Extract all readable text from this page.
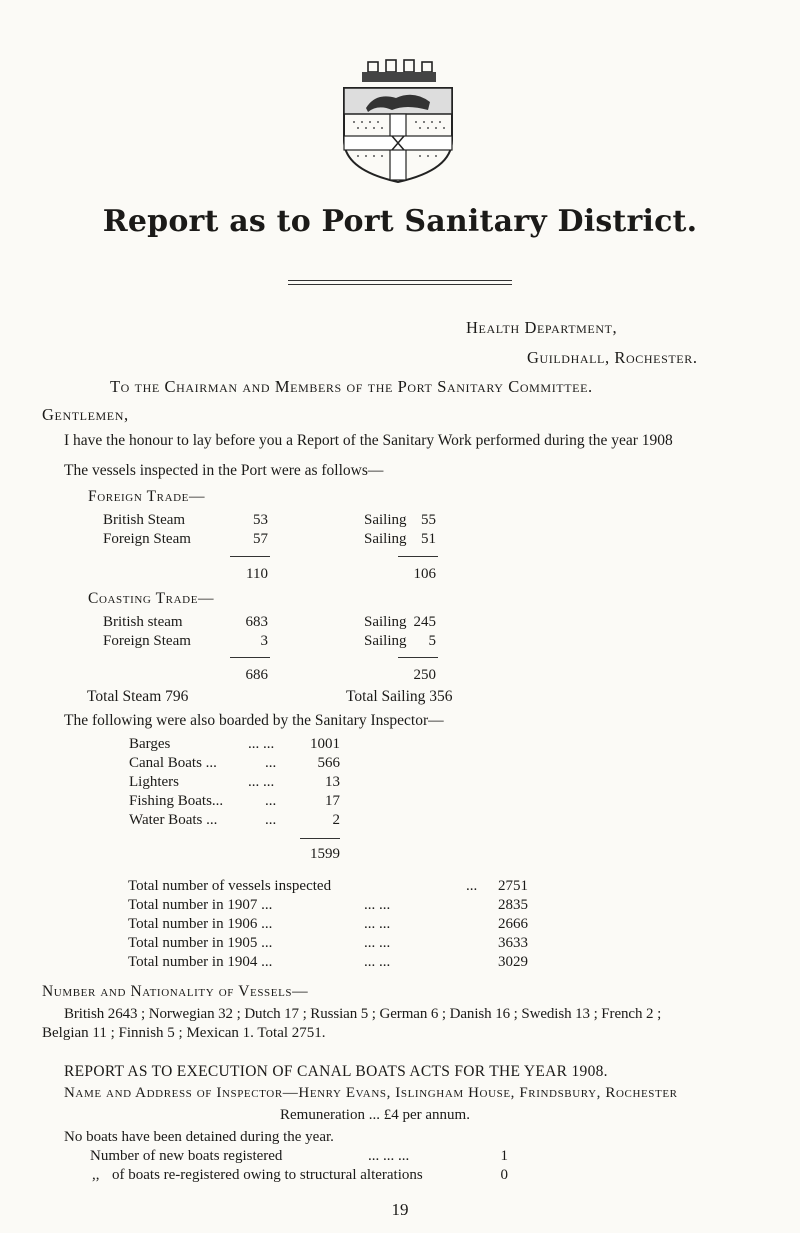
Report as to Port Sanitary District.
Health Department,
Guildhall, Rochester.
To the Chairman and Members of the Port Sanitary Committee.
Gentlemen,
I have the honour to lay before you a Report of the Sanitary Work performed during the year 1908
The vessels inspected in the Port were as follows—
Foreign Trade—
British Steam	53	Sailing 55
Foreign Steam	57	Sailing 51
110	106
Coasting Trade—
British steam	683	Sailing 245
Foreign Steam	3	Sailing	5
686	250
Total Steam 796	Total Sailing 356
The following were also boarded by the Sanitary Inspector—
Barges	... ...	1001
Canal Boats ...	...	566
Lighters	... ...	13
Fishing Boats...	...	17
Water Boats ...	...	2
1599
Total number of vessels inspected	...	2751
Total number in 1907 ...	... ...	2835
Total number in 1906 ...	... ...	2666
Total number in 1905 ...	... ...	3633
Total number in 1904 ...	... ...	3029
Number and Nationality of Vessels—
British 2643 ; Norwegian 32 ; Dutch 17 ; Russian 5 ; German 6 ; Danish 16 ; Swedish 13 ; French 2 ;
Belgian 11 ; Finnish 5 ; Mexican 1. Total 2751.
REPORT AS TO EXECUTION OF CANAL BOATS ACTS FOR THE YEAR 1908.
Name and Address of Inspector—Henry Evans, Islingham House, Frindsbury, Rochester
Remuneration ... £4 per annum.
No boats have been detained during the year.
Number of new boats registered	... ... ...	1
,, of boats re-registered owing to structural alterations	0
19
